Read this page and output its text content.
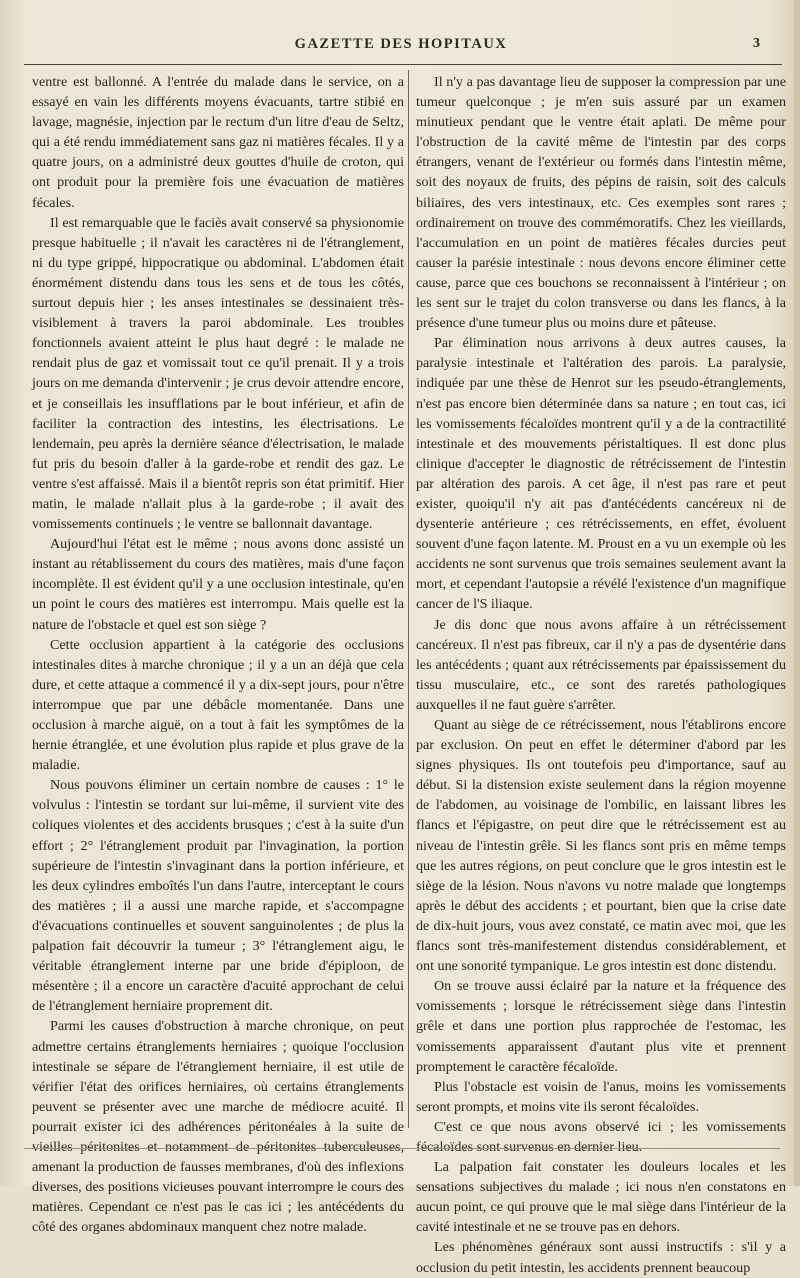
GAZETTE DES HOPITAUX	3

ventre est ballonné. A l'entrée du malade dans le service, on a essayé en vain les différents moyens évacuants, tartre stibié en lavage, magnésie, injection par le rectum d'un litre d'eau de Seltz, qui a été rendu immédiatement sans gaz ni matières fécales. Il y a quatre jours, on a administré deux gouttes d'huile de croton, qui ont produit pour la première fois une évacuation de matières fécales.

Il est remarquable que le faciès avait conservé sa physionomie presque habituelle ; il n'avait les caractères ni de l'étranglement, ni du type grippé, hippocratique ou abdominal. L'abdomen était énormément distendu dans tous les sens et de tous les côtés, surtout depuis hier ; les anses intestinales se dessinaient très-visiblement à travers la paroi abdominale. Les troubles fonctionnels avaient atteint le plus haut degré : le malade ne rendait plus de gaz et vomissait tout ce qu'il prenait. Il y a trois jours on me demanda d'intervenir ; je crus devoir attendre encore, et je conseillais les insufflations par le bout inférieur, et afin de faciliter la contraction des intestins, les électrisations. Le lendemain, peu après la dernière séance d'électrisation, le malade fut pris du besoin d'aller à la garde-robe et rendit des gaz. Le ventre s'est affaissé. Mais il a bientôt repris son état primitif. Hier matin, le malade n'allait plus à la garde-robe ; il avait des vomissements continuels ; le ventre se ballonnait davantage.

Aujourd'hui l'état est le même ; nous avons donc assisté un instant au rétablissement du cours des matières, mais d'une façon incomplète. Il est évident qu'il y a une occlusion intestinale, qu'en un point le cours des matières est interrompu. Mais quelle est la nature de l'obstacle et quel est son siège ?

Cette occlusion appartient à la catégorie des occlusions intestinales dites à marche chronique ; il y a un an déjà que cela dure, et cette attaque a commencé il y a dix-sept jours, pour n'être interrompue que par une débâcle momentanée. Dans une occlusion à marche aiguë, on a tout à fait les symptômes de la hernie étranglée, et une évolution plus rapide et plus grave de la maladie.

Nous pouvons éliminer un certain nombre de causes : 1° le volvulus : l'intestin se tordant sur lui-même, il survient vite des coliques violentes et des accidents brusques ; c'est à la suite d'un effort ; 2° l'étranglement produit par l'invagination, la portion supérieure de l'intestin s'invaginant dans la portion inférieure, et les deux cylindres emboîtés l'un dans l'autre, interceptant le cours des matières ; il a aussi une marche rapide, et s'accompagne d'évacuations continuelles et souvent sanguinolentes ; de plus la palpation fait découvrir la tumeur ; 3° l'étranglement aigu, le véritable étranglement interne par une bride d'épiploon, de mésentère ; il a encore un caractère d'acuité approchant de celui de l'étranglement herniaire proprement dit.

Parmi les causes d'obstruction à marche chronique, on peut admettre certains étranglements herniaires ; quoique l'occlusion intestinale se sépare de l'étranglement herniaire, il est utile de vérifier l'état des orifices herniaires, où certains étranglements peuvent se présenter avec une marche de médiocre acuité. Il pourrait exister ici des adhérences péritonéales à la suite de vieilles péritonites et notamment de péritonites tuberculeuses, amenant la production de fausses membranes, d'où des inflexions diverses, des positions vicieuses pouvant interrompre le cours des matières. Cependant ce n'est pas le cas ici ; les antécédents du côté des organes abdominaux manquent chez notre malade.

Il n'y a pas davantage lieu de supposer la compression par une tumeur quelconque ; je m'en suis assuré par un examen minutieux pendant que le ventre était aplati. De même pour l'obstruction de la cavité même de l'intestin par des corps étrangers, venant de l'extérieur ou formés dans l'intestin même, soit des noyaux de fruits, des pépins de raisin, soit des calculs biliaires, des vers intestinaux, etc. Ces exemples sont rares ; ordinairement on trouve des commémoratifs. Chez les vieillards, l'accumulation en un point de matières fécales durcies peut causer la parésie intestinale : nous devons encore éliminer cette cause, parce que ces bouchons se reconnaissent à l'intérieur ; on les sent sur le trajet du colon transverse ou dans les flancs, à la présence d'une tumeur plus ou moins dure et pâteuse.

Par élimination nous arrivons à deux autres causes, la paralysie intestinale et l'altération des parois. La paralysie, indiquée par une thèse de Henrot sur les pseudo-étranglements, n'est pas encore bien déterminée dans sa nature ; en tout cas, ici les vomissements fécaloïdes montrent qu'il y a de la contractilité intestinale et des mouvements péristaltiques. Il est donc plus clinique d'accepter le diagnostic de rétrécissement de l'intestin par altération des parois. A cet âge, il n'est pas rare et peut exister, quoiqu'il n'y ait pas d'antécédents cancéreux ni de dysenterie antérieure ; ces rétrécissements, en effet, évoluent souvent d'une façon latente. M. Proust en a vu un exemple où les accidents ne sont survenus que trois semaines seulement avant la mort, et cependant l'autopsie a révélé l'existence d'un magnifique cancer de l'S iliaque.

Je dis donc que nous avons affaire à un rétrécissement cancéreux. Il n'est pas fibreux, car il n'y a pas de dysentérie dans les antécédents ; quant aux rétrécissements par épaississement du tissu musculaire, etc., ce sont des raretés pathologiques auxquelles il ne faut guère s'arrêter.

Quant au siège de ce rétrécissement, nous l'établirons encore par exclusion. On peut en effet le déterminer d'abord par les signes physiques. Ils ont toutefois peu d'importance, sauf au début. Si la distension existe seulement dans la région moyenne de l'abdomen, au voisinage de l'ombilic, en laissant libres les flancs et l'épigastre, on peut dire que le rétrécissement est au niveau de l'intestin grêle. Si les flancs sont pris en même temps que les autres régions, on peut conclure que le gros intestin est le siège de la lésion. Nous n'avons vu notre malade que longtemps après le début des accidents ; et pourtant, bien que la crise date de dix-huit jours, vous avez constaté, ce matin avec moi, que les flancs sont très-manifestement distendus considérablement, et ont une sonorité tympanique. Le gros intestin est donc distendu.

On se trouve aussi éclairé par la nature et la fréquence des vomissements ; lorsque le rétrécissement siège dans l'intestin grêle et dans une portion plus rapprochée de l'estomac, les vomissements apparaissent d'autant plus vite et prennent promptement le caractère fécaloïde.

Plus l'obstacle est voisin de l'anus, moins les vomissements seront prompts, et moins vite ils seront fécaloïdes.

C'est ce que nous avons observé ici ; les vomissements fécaloïdes sont survenus en dernier lieu.

La palpation fait constater les douleurs locales et les sensations subjectives du malade ; ici nous n'en constatons en aucun point, ce qui prouve que le mal siège dans l'intérieur de la cavité intestinale et ne se trouve pas en dehors.

Les phénomènes généraux sont aussi instructifs : s'il y a occlusion du petit intestin, les accidents prennent beaucoup
